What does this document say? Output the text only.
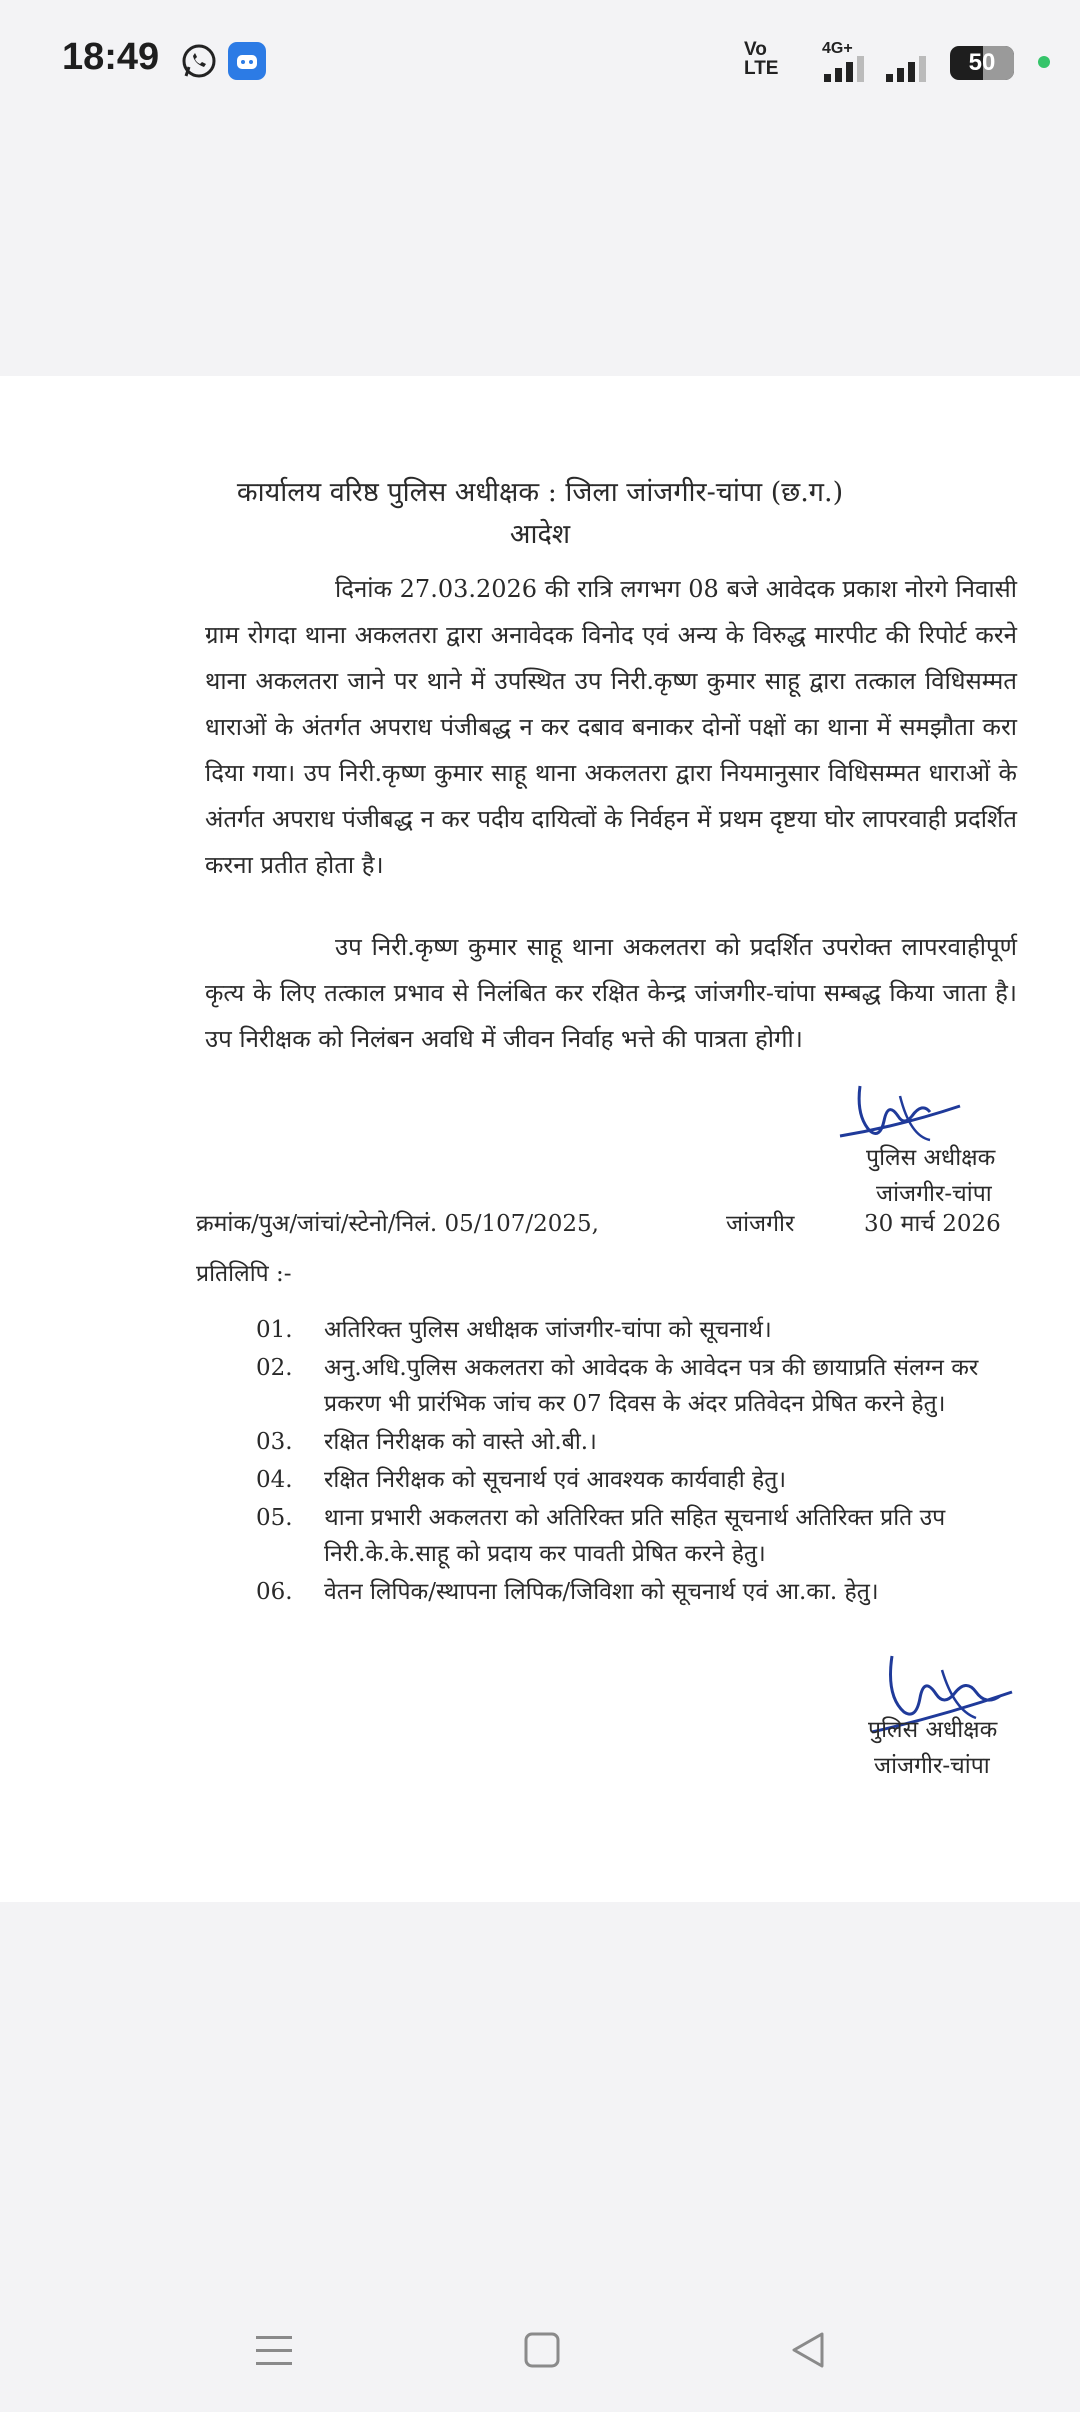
18:49	Vo
LTE
4G+
50
कार्यालय वरिष्ठ पुलिस अधीक्षक : जिला जांजगीर-चांपा (छ.ग.)
आदेश
दिनांक 27.03.2026 की रात्रि लगभग 08 बजे आवेदक प्रकाश नोरगे निवासी ग्राम रोगदा थाना अकलतरा द्वारा अनावेदक विनोद एवं अन्य के विरुद्ध मारपीट की रिपोर्ट करने थाना अकलतरा जाने पर थाने में उपस्थित उप निरी.कृष्ण कुमार साहू द्वारा तत्काल विधिसम्मत धाराओं के अंतर्गत अपराध पंजीबद्ध न कर दबाव बनाकर दोनों पक्षों का थाना में समझौता करा दिया गया। उप निरी.कृष्ण कुमार साहू थाना अकलतरा द्वारा नियमानुसार विधिसम्मत धाराओं के अंतर्गत अपराध पंजीबद्ध न कर पदीय दायित्वों के निर्वहन में प्रथम दृष्टया घोर लापरवाही प्रदर्शित करना प्रतीत होता है।
उप निरी.कृष्ण कुमार साहू थाना अकलतरा को प्रदर्शित उपरोक्त लापरवाहीपूर्ण कृत्य के लिए तत्काल प्रभाव से निलंबित कर रक्षित केन्द्र जांजगीर-चांपा सम्बद्ध किया जाता है। उप निरीक्षक को निलंबन अवधि में जीवन निर्वाह भत्ते की पात्रता होगी।
पुलिस अधीक्षक
जांजगीर-चांपा
क्रमांक/पुअ/जांचां/स्टेनो/निलं. 05/107/2025,	जांजगीर	30 मार्च 2026
प्रतिलिपि :-
01. अतिरिक्त पुलिस अधीक्षक जांजगीर-चांपा को सूचनार्थ।
02. अनु.अधि.पुलिस अकलतरा को आवेदक के आवेदन पत्र की छायाप्रति संलग्न कर प्रकरण भी प्रारंभिक जांच कर 07 दिवस के अंदर प्रतिवेदन प्रेषित करने हेतु।
03. रक्षित निरीक्षक को वास्ते ओ.बी.।
04. रक्षित निरीक्षक को सूचनार्थ एवं आवश्यक कार्यवाही हेतु।
05. थाना प्रभारी अकलतरा को अतिरिक्त प्रति सहित सूचनार्थ अतिरिक्त प्रति उप निरी.के.के.साहू को प्रदाय कर पावती प्रेषित करने हेतु।
06. वेतन लिपिक/स्थापना लिपिक/जिविशा को सूचनार्थ एवं आ.का. हेतु।
पुलिस अधीक्षक
जांजगीर-चांपा
